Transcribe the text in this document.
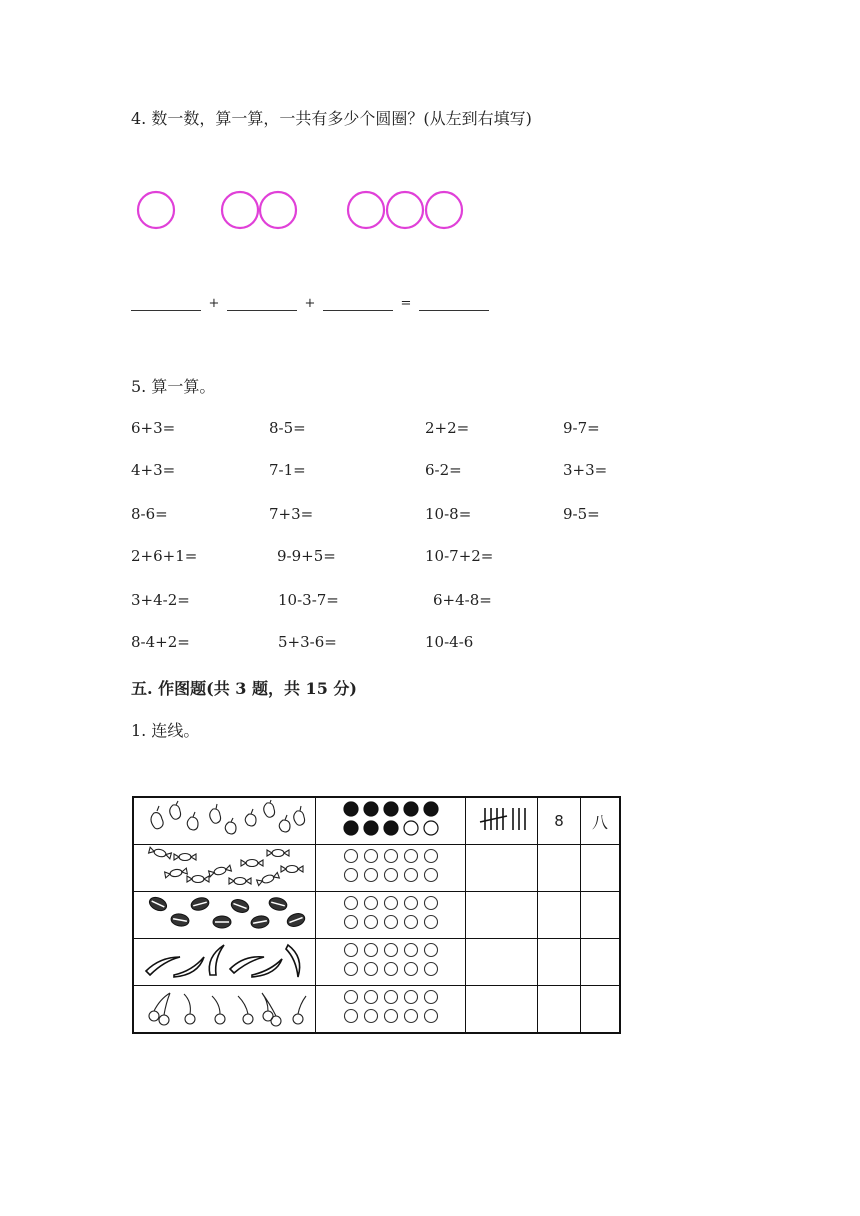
4. 数一数，算一算，一共有多少个圆圈？(从左到右填写)
+	+	=
5. 算一算。
6+3=	8-5=	2+2=	9-7=
4+3=	7-1=	6-2=	3+3=
8-6=	7+3=	10-8=	9-5=
2+6+1=	9-9+5=	10-7+2=
3+4-2=	10-3-7=	6+4-8=
8-4+2=	5+3-6=	10-4-6
五. 作图题(共 3 题，共 15 分)
1. 连线。
			8	八
